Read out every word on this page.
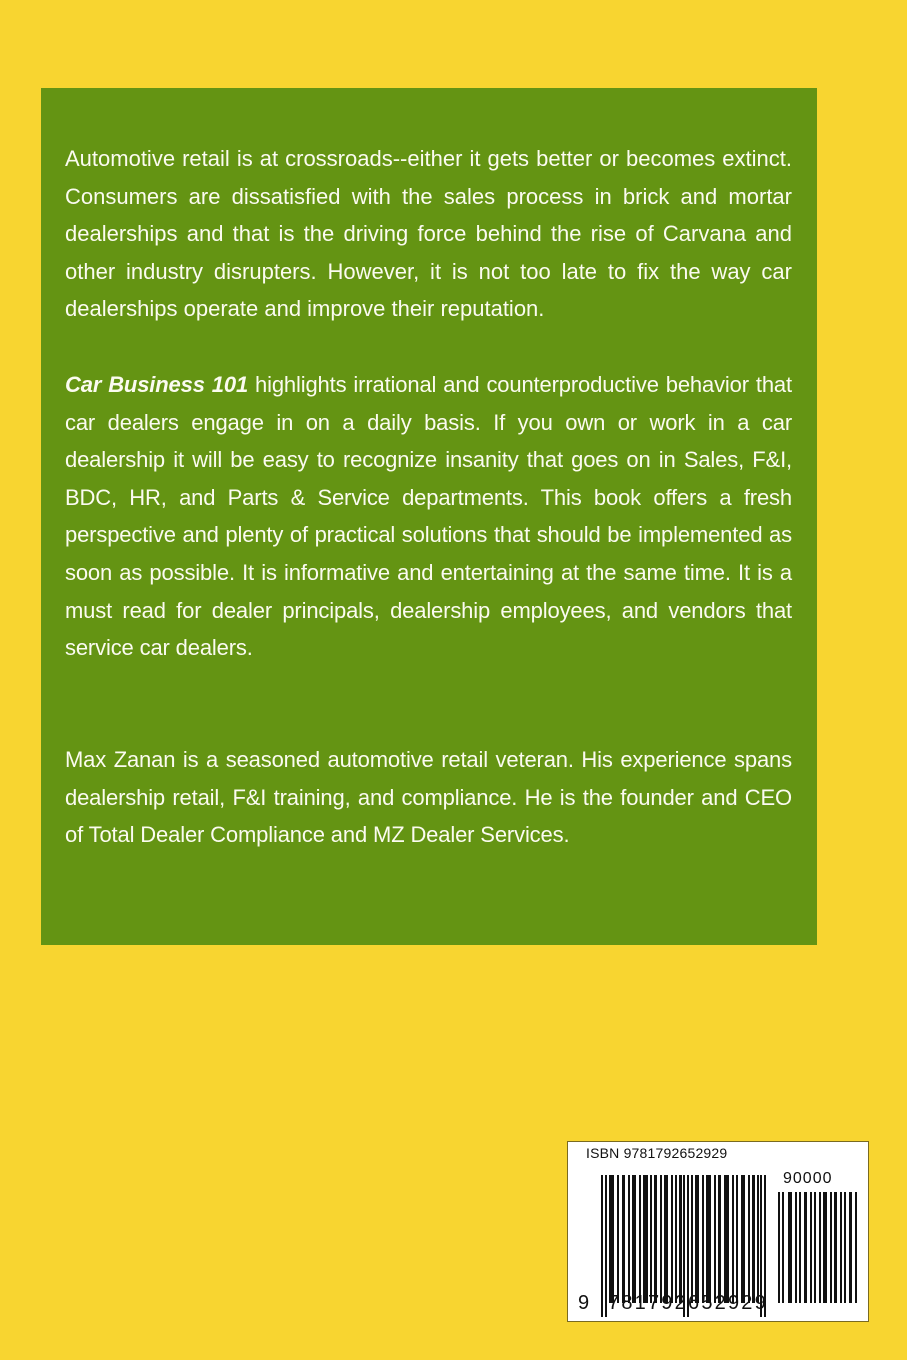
Automotive retail is at crossroads--either it gets better or becomes extinct. Consumers are dissatisfied with the sales process in brick and mortar dealerships and that is the driving force behind the rise of Carvana and other industry disrupters. However, it is not too late to fix the way car dealerships operate and improve their reputation.

Car Business 101 highlights irrational and counterproductive behavior that car dealers engage in on a daily basis. If you own or work in a car dealership it will be easy to recognize insanity that goes on in Sales, F&I, BDC, HR, and Parts & Service departments. This book offers a fresh perspective and plenty of practical solutions that should be implemented as soon as possible. It is informative and entertaining at the same time. It is a must read for dealer principals, dealership employees, and vendors that service car dealers.

Max Zanan is a seasoned automotive retail veteran. His experience spans dealership retail, F&I training, and compliance. He is the founder and CEO of Total Dealer Compliance and MZ Dealer Services.

ISBN 9781792652929
90000
9 781792 652929
